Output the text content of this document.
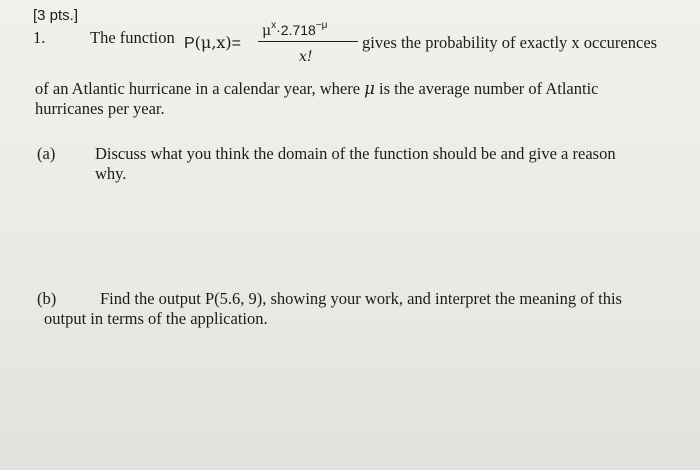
[3 pts.]
1.	The function P(μ,x)=
$\mu^x\cdot 2.718^{-\mu}$
x!
gives the probability of exactly x occurences
of an Atlantic hurricane in a calendar year, where μ is the average number of Atlantic
hurricanes per year.
(a) Discuss what you think the domain of the function should be and give a reason
why.
(b)	Find the output P(5.6, 9), showing your work, and interpret the meaning of this
output in terms of the application.
